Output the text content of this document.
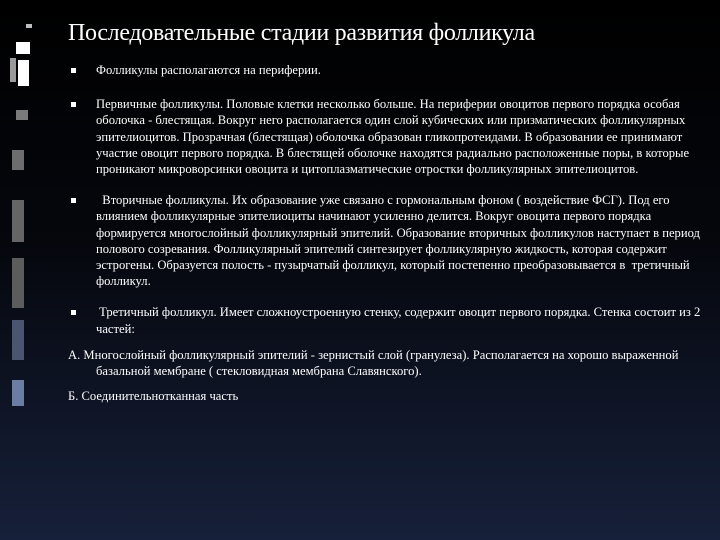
Последовательные стадии развития фолликула
Фолликулы располагаются на периферии.
Первичные фолликулы. Половые клетки несколько больше. На периферии овоцитов первого порядка особая оболочка - блестящая. Вокруг него располагается один слой кубических или призматических фолликулярных эпителиоцитов. Прозрачная (блестящая) оболочка образован гликопротеидами. В образовании ее принимают участие овоцит первого порядка. В блестящей оболочке находятся радиально расположенные поры, в которые проникают микроворсинки овоцита и цитоплазматические отростки фолликулярных эпителиоцитов.
Вторичные фолликулы. Их образование уже связано с гормональным фоном ( воздействие ФСГ). Под его влиянием фолликулярные эпителиоциты начинают усиленно делится. Вокруг овоцита первого порядка формируется многослойный фолликулярный эпителий. Образование вторичных фолликулов наступает в период полового созревания. Фолликулярный эпителий синтезирует фолликулярную жидкость, которая содержит эстрогены. Образуется полость - пузырчатый фолликул, который постепенно преобразовывается в  третичный фолликул.
Третичный фолликул. Имеет сложноустроенную стенку, содержит овоцит первого порядка. Стенка состоит из 2 частей:
А. Многослойный фолликулярный эпителий - зернистый слой (гранулеза). Располагается на хорошо выраженной базальной мембране ( стекловидная мембрана Славянского).
Б. Соединительнотканная часть
